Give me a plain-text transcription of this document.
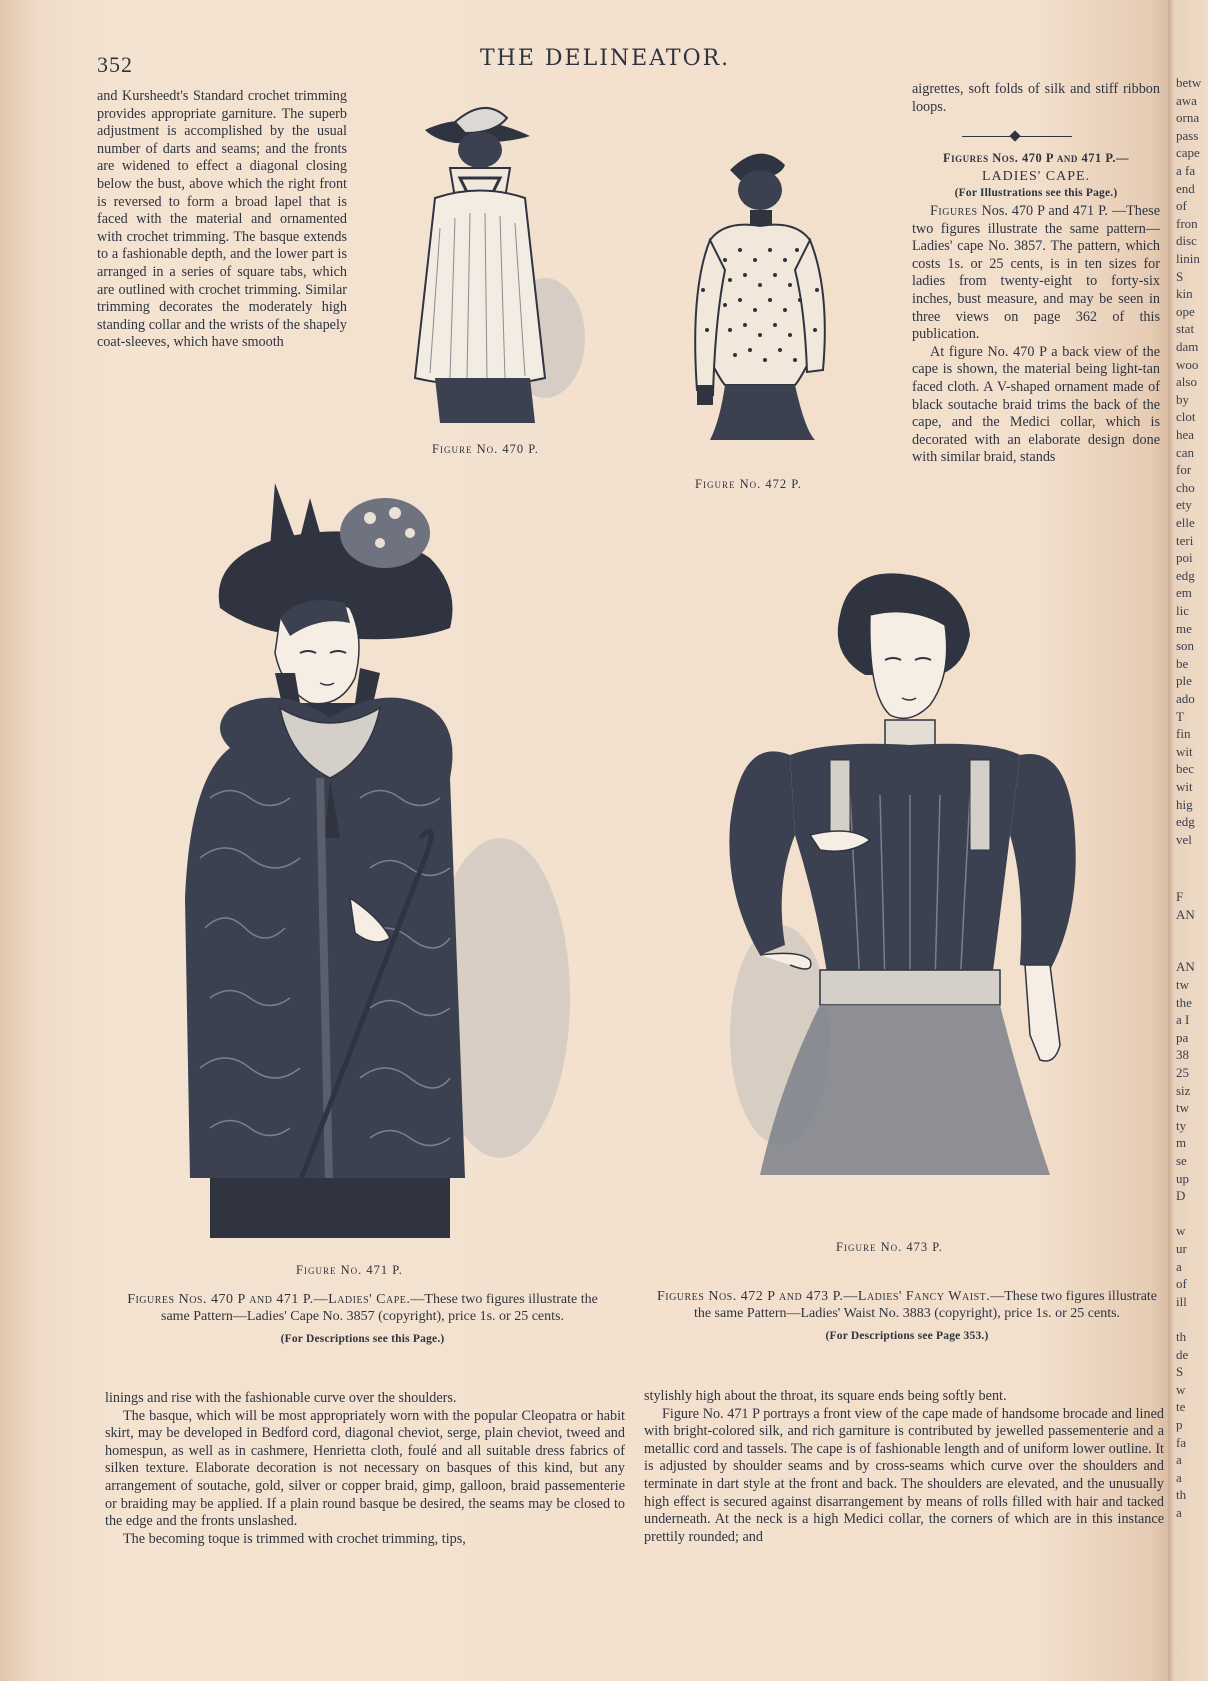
betw
awa
orna
pass
cape
a fa
end
of
fron
disc
linin
S
kin
ope
stat
dam
woo
also
by
clot
hea
can
for
cho
ety
elle
teri
poi
edg
em
lic
me
son
be
ple
ado
T
fin
wit
bec
wit
hig
edg
vel
F
AN
AN
tw
the
a I
pa
38
25
siz
tw
ty
m
se
up
D
w
ur
a
of
ill
th
de
S
w
te
p
fa
a
a
th
a
352	THE DELINEATOR.

and Kursheedt's Standard crochet trimming provides appropriate garniture. The superb adjustment is accomplished by the usual number of darts and seams; and the fronts are widened to effect a diagonal closing below the bust, above which the right front is reversed to form a broad lapel that is faced with the material and ornamented with crochet trimming. The basque extends to a fashionable depth, and the lower part is arranged in a series of square tabs, which are outlined with crochet trimming. Similar trimming decorates the moderately high standing collar and the wrists of the shapely coat-sleeves, which have smooth

aigrettes, soft folds of silk and stiff ribbon loops.

Figures Nos. 470 P and 471 P.—
LADIES' CAPE.
(For Illustrations see this Page.)

Figures Nos. 470 P and 471 P. —These two figures illustrate the same pattern—Ladies' cape No. 3857. The pattern, which costs 1s. or 25 cents, is in ten sizes for ladies from twenty-eight to forty-six inches, bust measure, and may be seen in three views on page 362 of this publication.

At figure No. 470 P a back view of the cape is shown, the material being light-tan faced cloth. A V-shaped ornament made of black soutache braid trims the back of the cape, and the Medici collar, which is decorated with an elaborate design done with similar braid, stands

Figure No. 470 P.
Figure No. 472 P.
Figure No. 471 P.
Figure No. 473 P.
Figures Nos. 470 P and 471 P.—Ladies' Cape.—These two figures illustrate the same Pattern—Ladies' Cape No. 3857 (copyright), price 1s. or 25 cents.
(For Descriptions see this Page.)
Figures Nos. 472 P and 473 P.—Ladies' Fancy Waist.—These two figures illustrate the same Pattern—Ladies' Waist No. 3883 (copyright), price 1s. or 25 cents.
(For Descriptions see Page 353.)

linings and rise with the fashionable curve over the shoulders.

The basque, which will be most appropriately worn with the popular Cleopatra or habit skirt, may be developed in Bedford cord, diagonal cheviot, serge, plain cheviot, tweed and homespun, as well as in cashmere, Henrietta cloth, foulé and all suitable dress fabrics of silken texture. Elaborate decoration is not necessary on basques of this kind, but any arrangement of soutache, gold, silver or copper braid, gimp, galloon, braid passementerie or braiding may be applied. If a plain round basque be desired, the seams may be closed to the edge and the fronts unslashed.

The becoming toque is trimmed with crochet trimming, tips,

stylishly high about the throat, its square ends being softly bent.

Figure No. 471 P portrays a front view of the cape made of handsome brocade and lined with bright-colored silk, and rich garniture is contributed by jewelled passementerie and a metallic cord and tassels. The cape is of fashionable length and of uniform lower outline. It is adjusted by shoulder seams and by cross-seams which curve over the shoulders and terminate in dart style at the front and back. The shoulders are elevated, and the unusually high effect is secured against disarrangement by means of rolls filled with hair and tacked underneath. At the neck is a high Medici collar, the corners of which are in this instance prettily rounded; and
